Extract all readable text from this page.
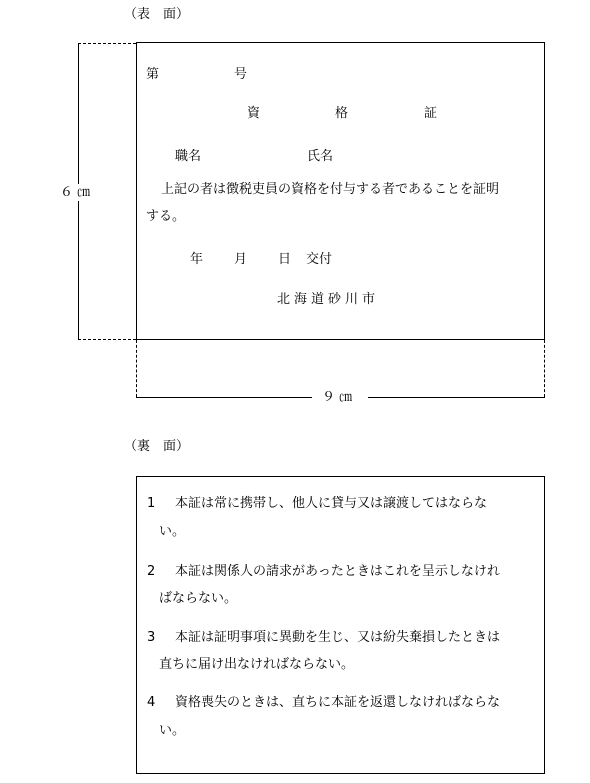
（表　面）
６ ㎝
第	号
資	格	証
職名	氏名
上記の者は徴税吏員の資格を付与する者であることを証明
する。
年 月 日 交付
北海道砂川市
９ ㎝
（裏　面）
1 本証は常に携帯し、他人に貸与又は譲渡してはならな
い。
2 本証は関係人の請求があったときはこれを呈示しなけれ
ばならない。
3 本証は証明事項に異動を生じ、又は紛失棄損したときは
直ちに届け出なければならない。
4 資格喪失のときは、直ちに本証を返還しなければならな
い。
